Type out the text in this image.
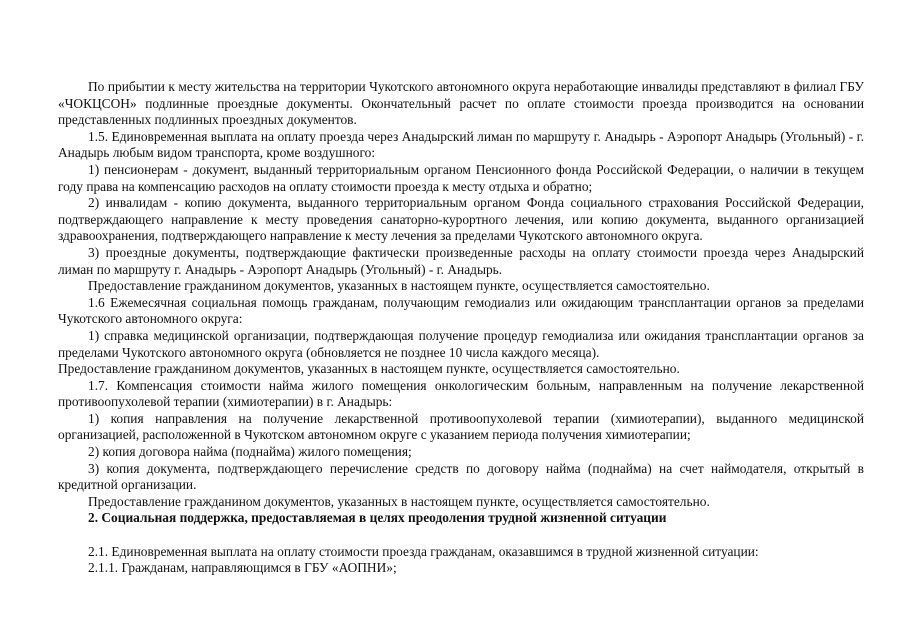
По прибытии к месту жительства на территории Чукотского автономного округа неработающие инвалиды представляют в филиал ГБУ «ЧОКЦСОН» подлинные проездные документы. Окончательный расчет по оплате стоимости проезда производится на основании представленных подлинных проездных документов.

1.5. Единовременная выплата на оплату проезда через Анадырский лиман по маршруту г. Анадырь - Аэропорт Анадырь (Угольный) - г. Анадырь любым видом транспорта, кроме воздушного:

1) пенсионерам - документ, выданный территориальным органом Пенсионного фонда Российской Федерации, о наличии в текущем году права на компенсацию расходов на оплату стоимости проезда к месту отдыха и обратно;

2) инвалидам - копию документа, выданного территориальным органом Фонда социального страхования Российской Федерации, подтверждающего направление к месту проведения санаторно-курортного лечения, или копию документа, выданного организацией здравоохранения, подтверждающего направление к месту лечения за пределами Чукотского автономного округа.

3) проездные документы, подтверждающие фактически произведенные расходы на оплату стоимости проезда через Анадырский лиман по маршруту г. Анадырь - Аэропорт Анадырь (Угольный) - г. Анадырь.

Предоставление гражданином документов, указанных в настоящем пункте, осуществляется самостоятельно.

1.6 Ежемесячная социальная помощь гражданам, получающим гемодиализ или ожидающим трансплантации органов за пределами Чукотского автономного округа:

1) справка медицинской организации, подтверждающая получение процедур гемодиализа или ожидания трансплантации органов за пределами Чукотского автономного округа (обновляется не позднее 10 числа каждого месяца).

Предоставление гражданином документов, указанных в настоящем пункте, осуществляется самостоятельно.

1.7. Компенсация стоимости найма жилого помещения онкологическим больным, направленным на получение лекарственной противоопухолевой терапии (химиотерапии) в г. Анадырь:

1) копия направления на получение лекарственной противоопухолевой терапии (химиотерапии), выданного медицинской организацией, расположенной в Чукотском автономном округе с указанием периода получения химиотерапии;

2) копия договора найма (поднайма) жилого помещения;

3) копия документа, подтверждающего перечисление средств по договору найма (поднайма) на счет наймодателя, открытый в кредитной организации.

Предоставление гражданином документов, указанных в настоящем пункте, осуществляется самостоятельно.

2. Социальная поддержка, предоставляемая в целях преодоления трудной жизненной ситуации

2.1. Единовременная выплата на оплату стоимости проезда гражданам, оказавшимся в трудной жизненной ситуации:

2.1.1. Гражданам, направляющимся в ГБУ «АОПНИ»;
